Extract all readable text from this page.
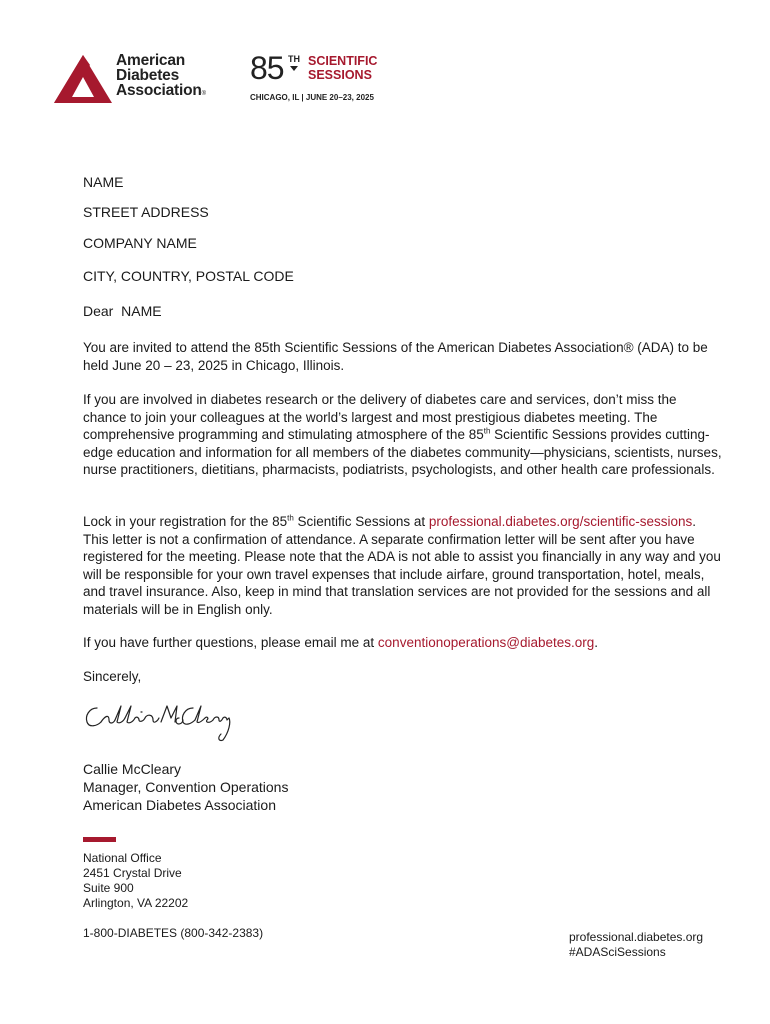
American
Diabetes
Association®
85 TH SCIENTIFIC
SESSIONS
CHICAGO, IL | JUNE 20–23, 2025
NAME
STREET ADDRESS
COMPANY NAME
CITY, COUNTRY, POSTAL CODE
Dear NAME
You are invited to attend the 85th Scientific Sessions of the American Diabetes Association® (ADA) to be held June 20 – 23, 2025 in Chicago, Illinois.
If you are involved in diabetes research or the delivery of diabetes care and services, don’t miss the chance to join your colleagues at the world’s largest and most prestigious diabetes meeting. The comprehensive programming and stimulating atmosphere of the 85th Scientific Sessions provides cutting-edge education and information for all members of the diabetes community—physicians, scientists, nurses, nurse practitioners, dietitians, pharmacists, podiatrists, psychologists, and other health care professionals.
Lock in your registration for the 85th Scientific Sessions at professional.diabetes.org/scientific-sessions. This letter is not a confirmation of attendance. A separate confirmation letter will be sent after you have registered for the meeting. Please note that the ADA is not able to assist you financially in any way and you will be responsible for your own travel expenses that include airfare, ground transportation, hotel, meals, and travel insurance. Also, keep in mind that translation services are not provided for the sessions and all materials will be in English only.
If you have further questions, please email me at conventionoperations@diabetes.org.
Sincerely,
Callie McCleary
Manager, Convention Operations
American Diabetes Association
National Office
2451 Crystal Drive
Suite 900
Arlington, VA 22202
1-800-DIABETES (800-342-2383)	professional.diabetes.org
#ADASciSessions
